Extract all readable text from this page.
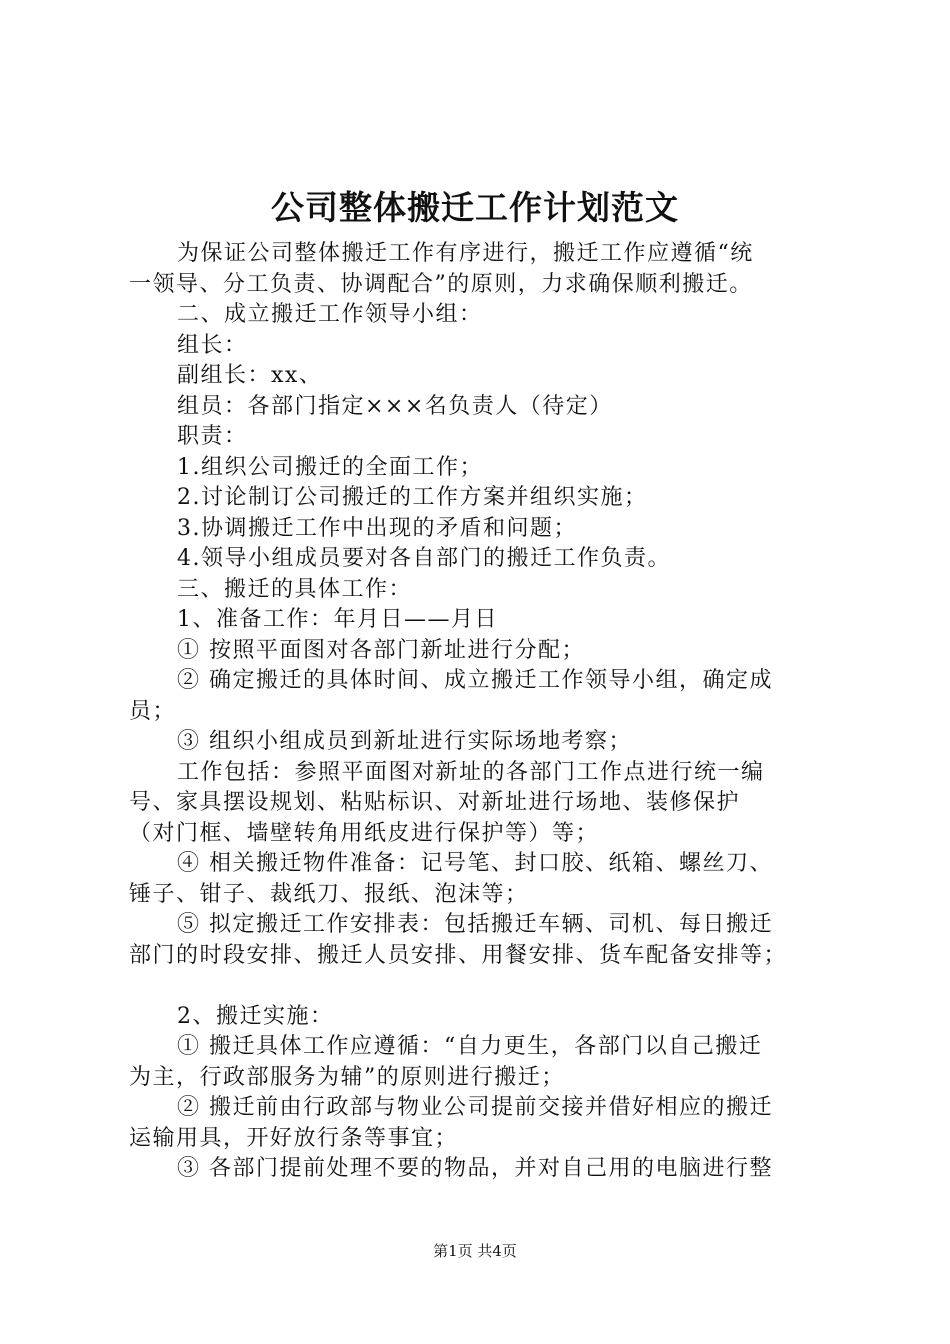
公司整体搬迁工作计划范文

为保证公司整体搬迁工作有序进行，搬迁工作应遵循“统

一领导、分工负责、协调配合”的原则，力求确保顺利搬迁。

二、成立搬迁工作领导小组：

组长：

副组长：xx、

组员：各部门指定×××名负责人（待定）

职责：

1.组织公司搬迁的全面工作；

2.讨论制订公司搬迁的工作方案并组织实施；

3.协调搬迁工作中出现的矛盾和问题；

4.领导小组成员要对各自部门的搬迁工作负责。

三、搬迁的具体工作：

1、准备工作：年月日——月日

① 按照平面图对各部门新址进行分配；

② 确定搬迁的具体时间、成立搬迁工作领导小组，确定成

员；

③ 组织小组成员到新址进行实际场地考察；

工作包括：参照平面图对新址的各部门工作点进行统一编

号、家具摆设规划、粘贴标识、对新址进行场地、装修保护

（对门框、墙壁转角用纸皮进行保护等）等；

④ 相关搬迁物件准备：记号笔、封口胶、纸箱、螺丝刀、

锤子、钳子、裁纸刀、报纸、泡沫等；

⑤ 拟定搬迁工作安排表：包括搬迁车辆、司机、每日搬迁

部门的时段安排、搬迁人员安排、用餐安排、货车配备安排等；

2、搬迁实施：

① 搬迁具体工作应遵循：“自力更生，各部门以自己搬迁

为主，行政部服务为辅”的原则进行搬迁；

② 搬迁前由行政部与物业公司提前交接并借好相应的搬迁

运输用具，开好放行条等事宜；

③ 各部门提前处理不要的物品，并对自己用的电脑进行整

第1页 共4页
